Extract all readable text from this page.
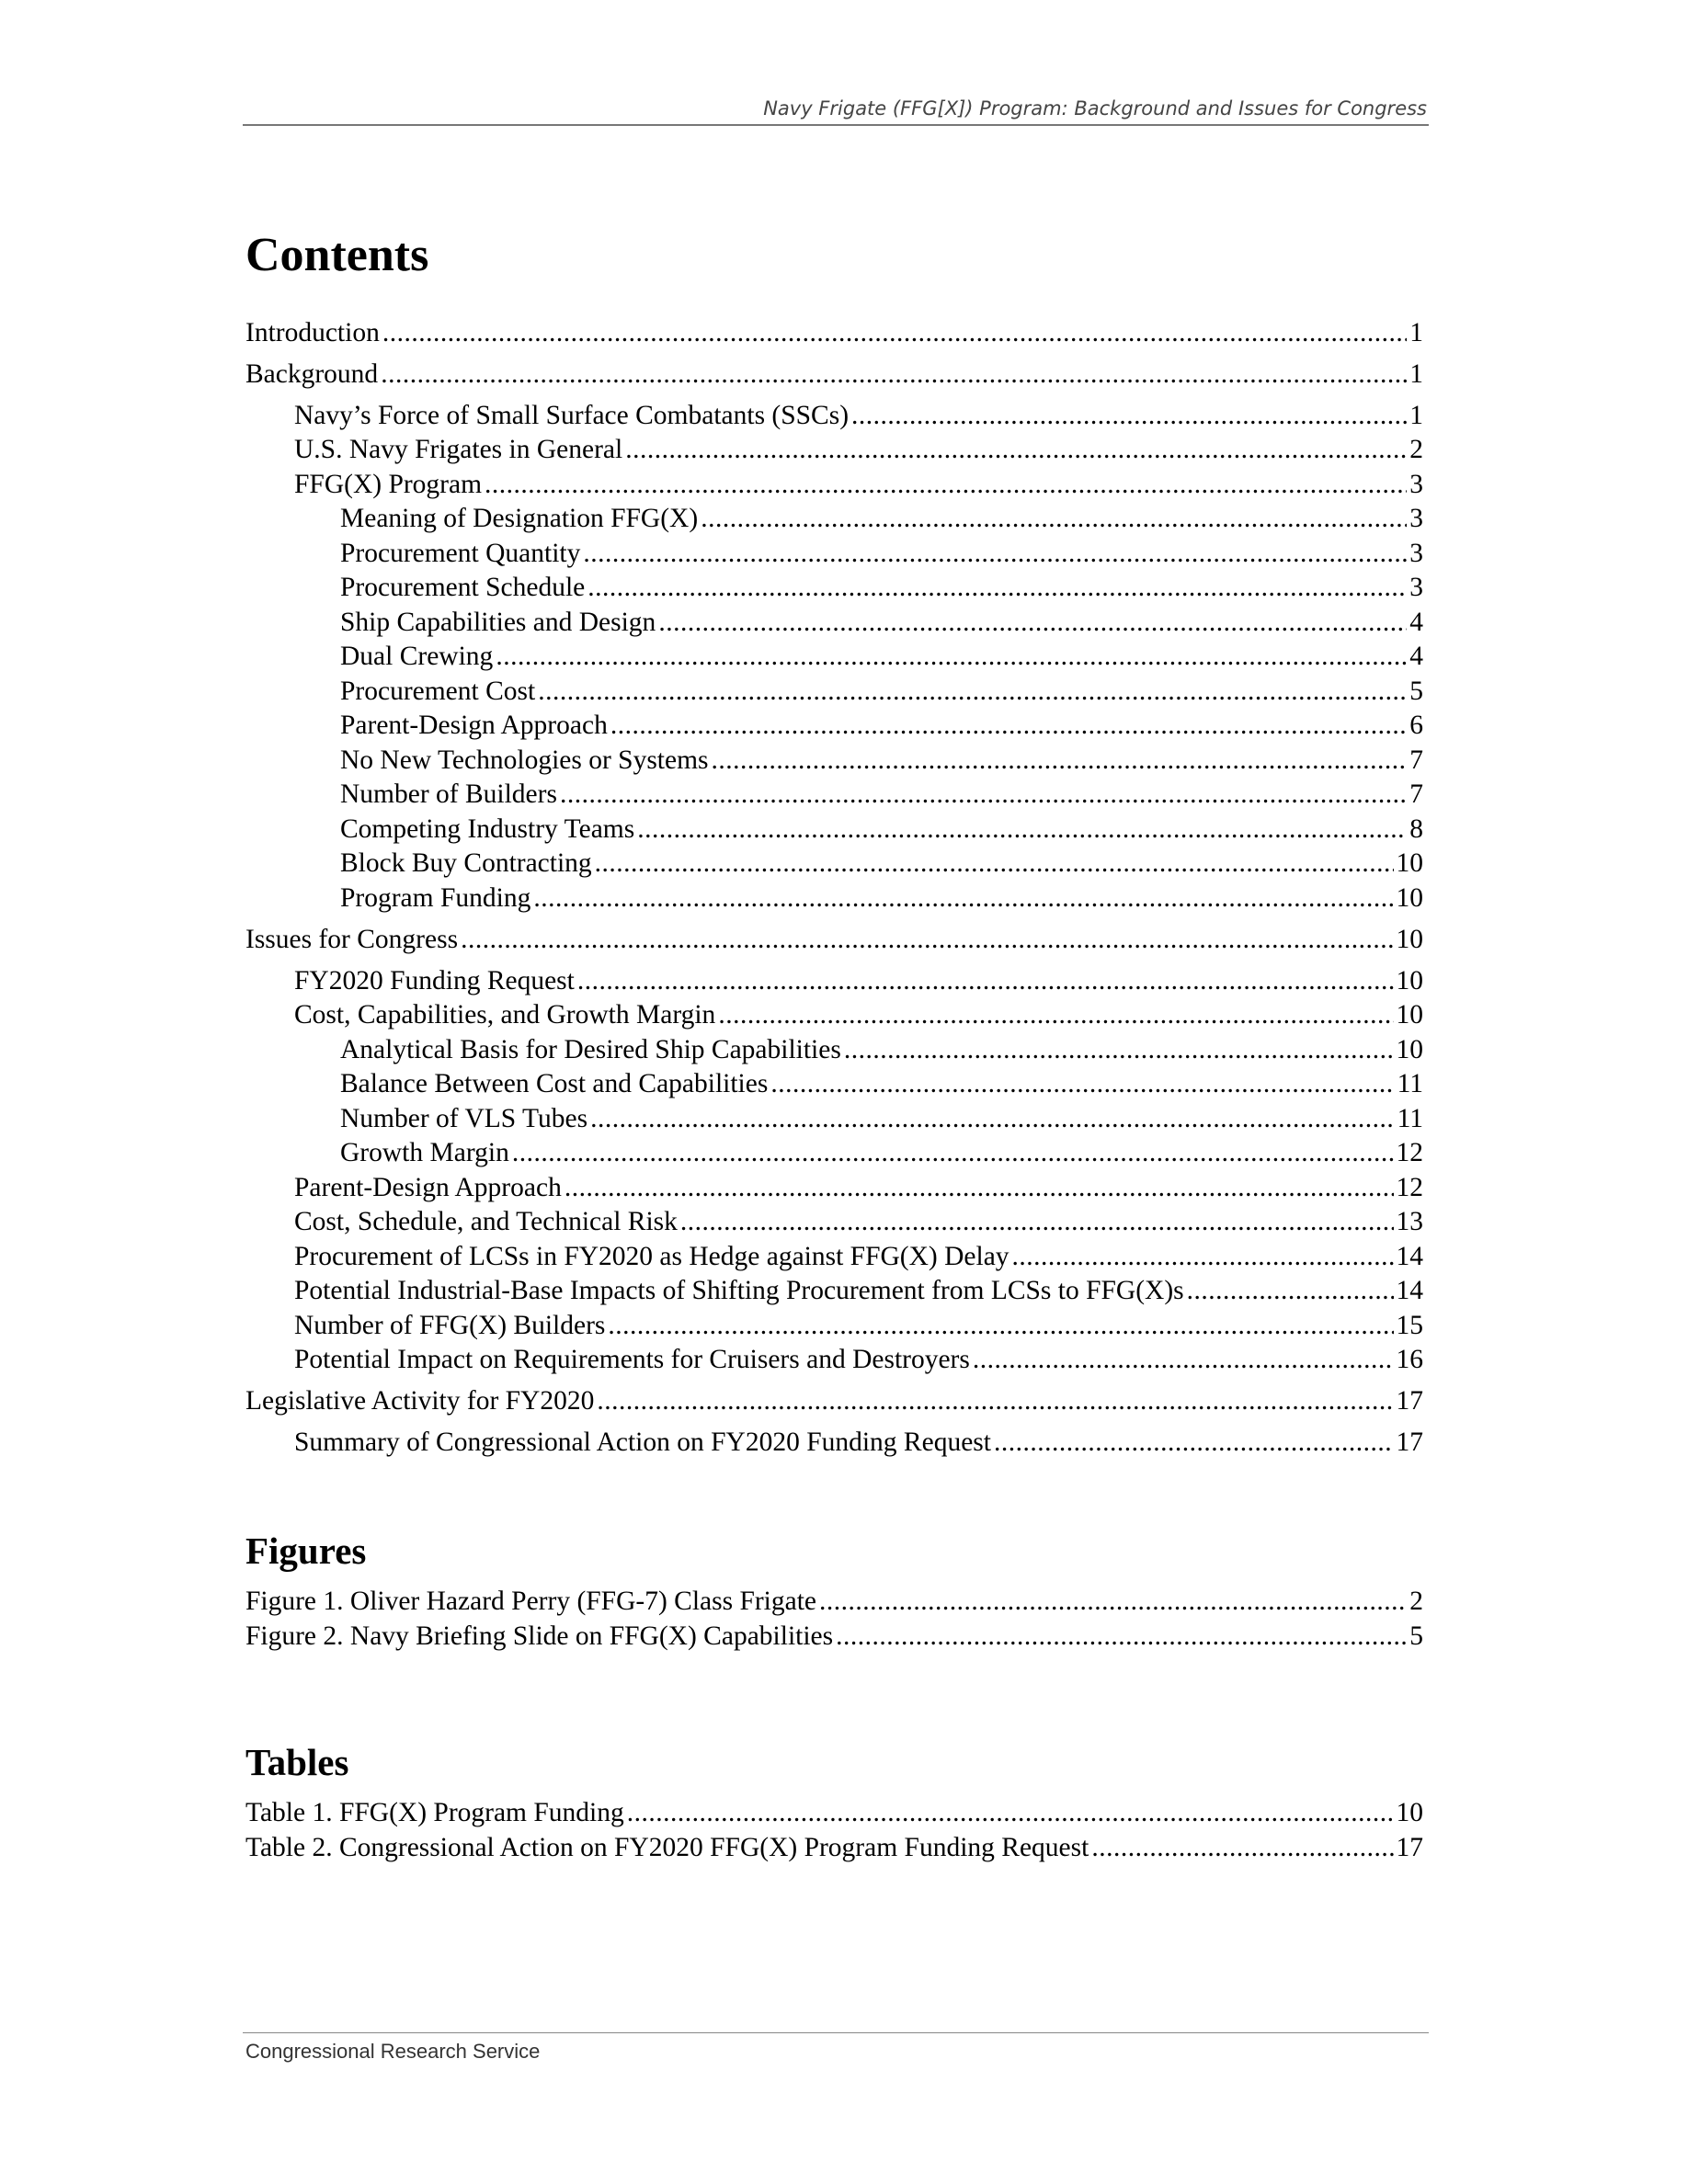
Navy Frigate (FFG[X]) Program: Background and Issues for Congress
Contents
Introduction .....	1
Background .....	1
Navy’s Force of Small Surface Combatants (SSCs) .....	1
U.S. Navy Frigates in General .....	2
FFG(X) Program .....	3
Meaning of Designation FFG(X) .....	3
Procurement Quantity .....	3
Procurement Schedule .....	3
Ship Capabilities and Design .....	4
Dual Crewing .....	4
Procurement Cost .....	5
Parent-Design Approach .....	6
No New Technologies or Systems .....	7
Number of Builders .....	7
Competing Industry Teams .....	8
Block Buy Contracting .....	10
Program Funding .....	10
Issues for Congress .....	10
FY2020 Funding Request .....	10
Cost, Capabilities, and Growth Margin .....	10
Analytical Basis for Desired Ship Capabilities .....	10
Balance Between Cost and Capabilities .....	11
Number of VLS Tubes .....	11
Growth Margin .....	12
Parent-Design Approach .....	12
Cost, Schedule, and Technical Risk .....	13
Procurement of LCSs in FY2020 as Hedge against FFG(X) Delay .....	14
Potential Industrial-Base Impacts of Shifting Procurement from LCSs to FFG(X)s .....	14
Number of FFG(X) Builders .....	15
Potential Impact on Requirements for Cruisers and Destroyers .....	16
Legislative Activity for FY2020 .....	17
Summary of Congressional Action on FY2020 Funding Request .....	17
Figures
Figure 1. Oliver Hazard Perry (FFG-7) Class Frigate .....	2
Figure 2. Navy Briefing Slide on FFG(X) Capabilities .....	5
Tables
Table 1. FFG(X) Program Funding .....	10
Table 2. Congressional Action on FY2020 FFG(X) Program Funding Request .....	17
Congressional Research Service
